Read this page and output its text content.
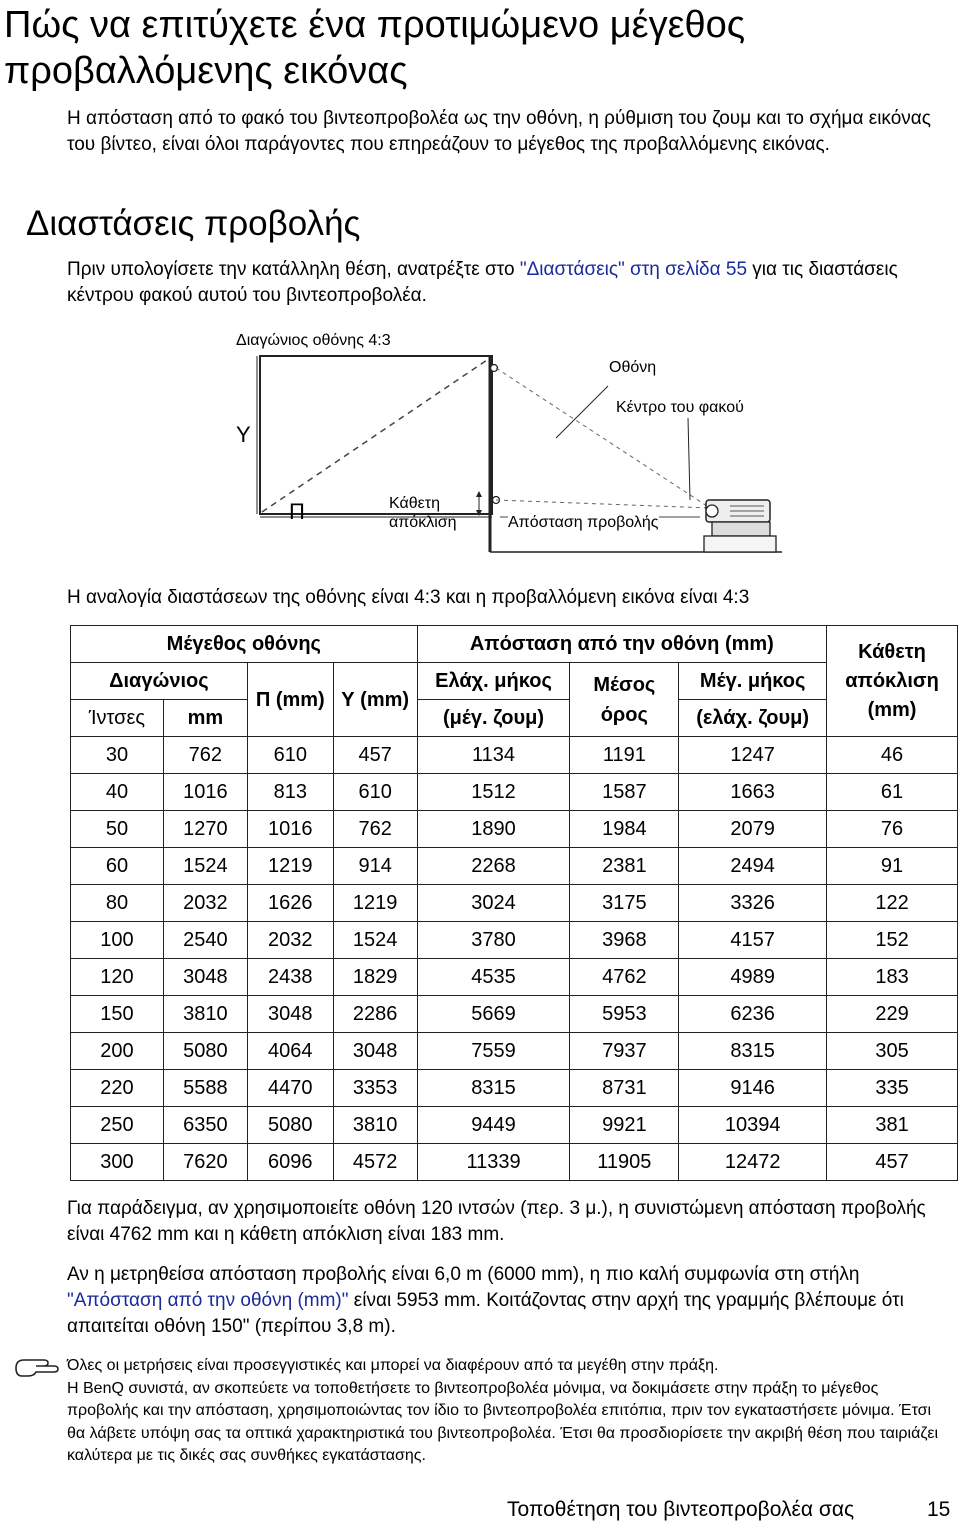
Πώς να επιτύχετε ένα προτιμώμενο μέγεθος
προβαλλόμενης εικόνας
Η απόσταση από το φακό του βιντεοπροβολέα ως την οθόνη, η ρύθμιση του ζουμ και το σχήμα εικόνας του βίντεο, είναι όλοι παράγοντες που επηρεάζουν το μέγεθος της προβαλλόμενης εικόνας.
Διαστάσεις προβολής
Πριν υπολογίσετε την κατάλληλη θέση, ανατρέξτε στο "Διαστάσεις" στη σελίδα 55 για τις διαστάσεις κέντρου φακού αυτού του βιντεοπροβολέα.
Διαγώνιος οθόνης 4:3
Υ
Π
Οθόνη
Κέντρο του φακού
Κάθετη
απόκλιση	Απόσταση προβολής
Η αναλογία διαστάσεων της οθόνης είναι 4:3 και η προβαλλόμενη εικόνα είναι 4:3
Μέγεθος οθόνης				Απόσταση από την οθόνη (mm)			Κάθετη απόκλιση (mm)
Διαγώνιος		Π (mm)	Υ (mm)	Ελάχ. μήκος	Μέσος όρος	Μέγ. μήκος	
Ίντσες	mm			(μέγ. ζουμ)		(ελάχ. ζουμ)	
30	762	610	457	1134	1191	1247	46
40	1016	813	610	1512	1587	1663	61
50	1270	1016	762	1890	1984	2079	76
60	1524	1219	914	2268	2381	2494	91
80	2032	1626	1219	3024	3175	3326	122
100	2540	2032	1524	3780	3968	4157	152
120	3048	2438	1829	4535	4762	4989	183
150	3810	3048	2286	5669	5953	6236	229
200	5080	4064	3048	7559	7937	8315	305
220	5588	4470	3353	8315	8731	9146	335
250	6350	5080	3810	9449	9921	10394	381
300	7620	6096	4572	11339	11905	12472	457
Για παράδειγμα, αν χρησιμοποιείτε οθόνη 120 ιντσών (περ. 3 μ.), η συνιστώμενη απόσταση προβολής είναι 4762 mm και η κάθετη απόκλιση είναι 183 mm.
Αν η μετρηθείσα απόσταση προβολής είναι 6,0 m (6000 mm), η πιο καλή συμφωνία στη στήλη "Απόσταση από την οθόνη (mm)" είναι 5953 mm. Κοιτάζοντας στην αρχή της γραμμής βλέπουμε ότι απαιτείται οθόνη 150" (περίπου 3,8 m).
Όλες οι μετρήσεις είναι προσεγγιστικές και μπορεί να διαφέρουν από τα μεγέθη στην πράξη.
Η BenQ συνιστά, αν σκοπεύετε να τοποθετήσετε το βιντεοπροβολέα μόνιμα, να δοκιμάσετε στην πράξη το μέγεθος προβολής και την απόσταση, χρησιμοποιώντας τον ίδιο το βιντεοπροβολέα επιτόπια, πριν τον εγκαταστήσετε μόνιμα. Έτσι θα λάβετε υπόψη σας τα οπτικά χαρακτηριστικά του βιντεοπροβολέα. Έτσι θα προσδιορίσετε την ακριβή θέση που ταιριάζει καλύτερα με τις δικές σας συνθήκες εγκατάστασης.
Τοποθέτηση του βιντεοπροβολέα σας	15
